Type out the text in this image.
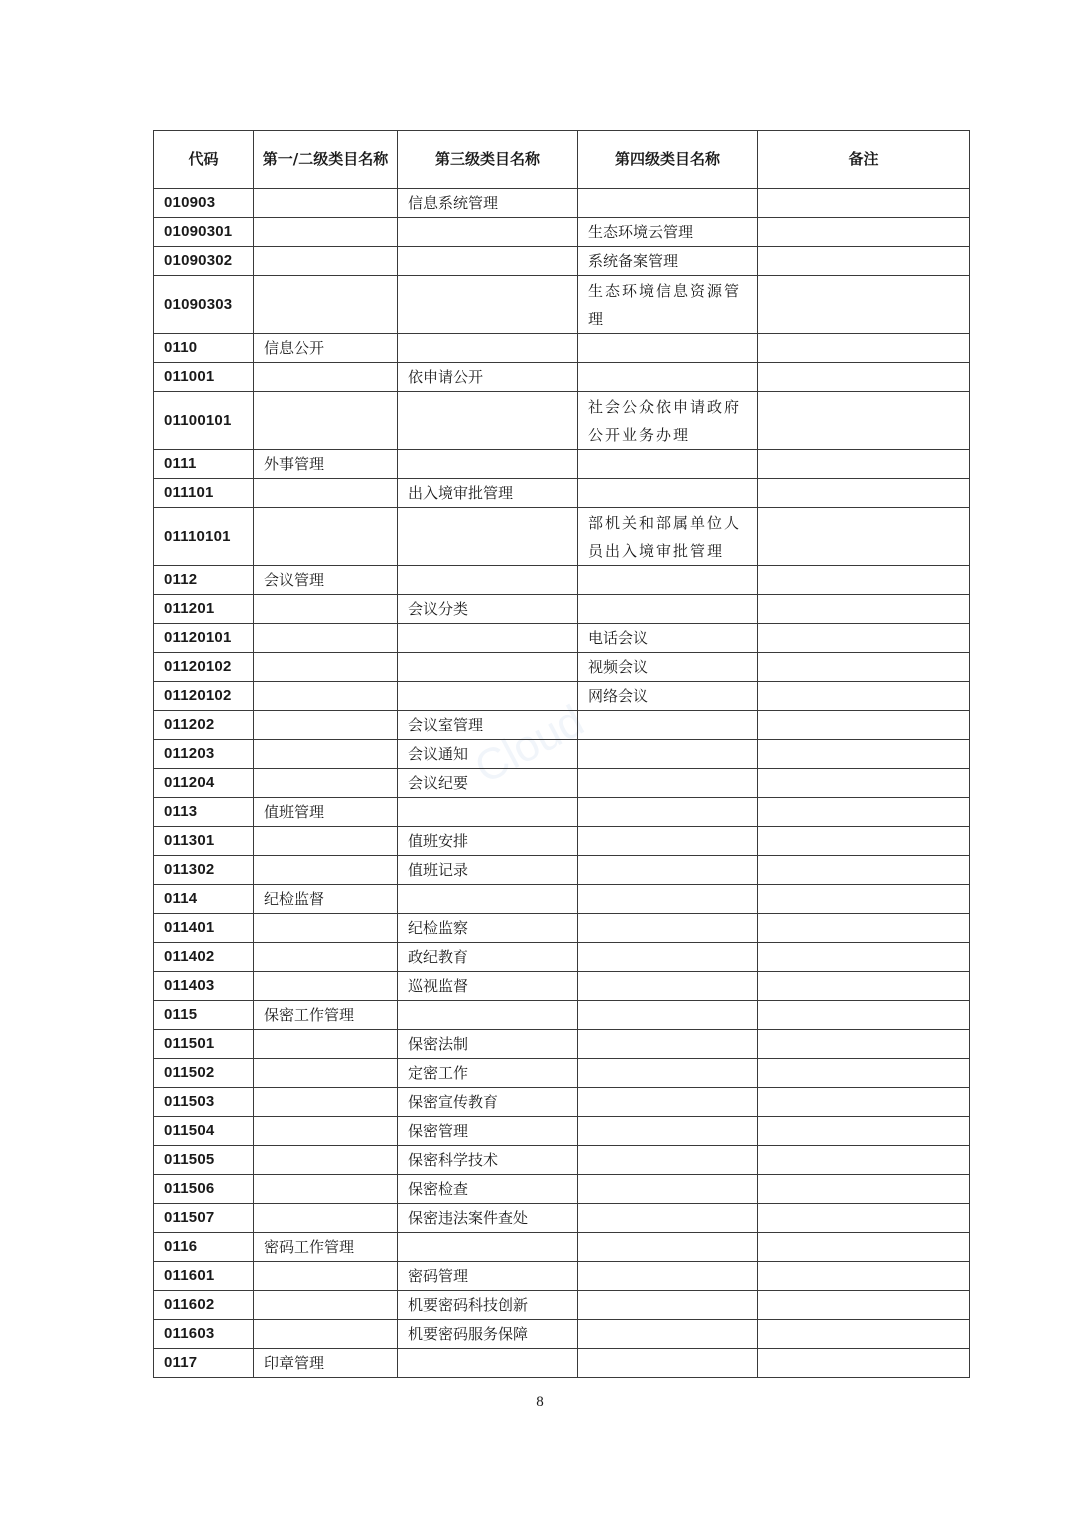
Cloud
代码	第一/二级类目名称	第三级类目名称	第四级类目名称	备注
010903		信息系统管理		
01090301			生态环境云管理	
01090302			系统备案管理	
01090303			生态环境信息资源管理	
0110	信息公开			
011001		依申请公开		
01100101			社会公众依申请政府公开业务办理	
0111	外事管理			
011101		出入境审批管理		
01110101			部机关和部属单位人员出入境审批管理	
0112	会议管理			
011201		会议分类		
01120101			电话会议	
01120102			视频会议	
01120102			网络会议	
011202		会议室管理		
011203		会议通知		
011204		会议纪要		
0113	值班管理			
011301		值班安排		
011302		值班记录		
0114	纪检监督			
011401		纪检监察		
011402		政纪教育		
011403		巡视监督		
0115	保密工作管理			
011501		保密法制		
011502		定密工作		
011503		保密宣传教育		
011504		保密管理		
011505		保密科学技术		
011506		保密检查		
011507		保密违法案件查处		
0116	密码工作管理			
011601		密码管理		
011602		机要密码科技创新		
011603		机要密码服务保障		
0117	印章管理			
8
